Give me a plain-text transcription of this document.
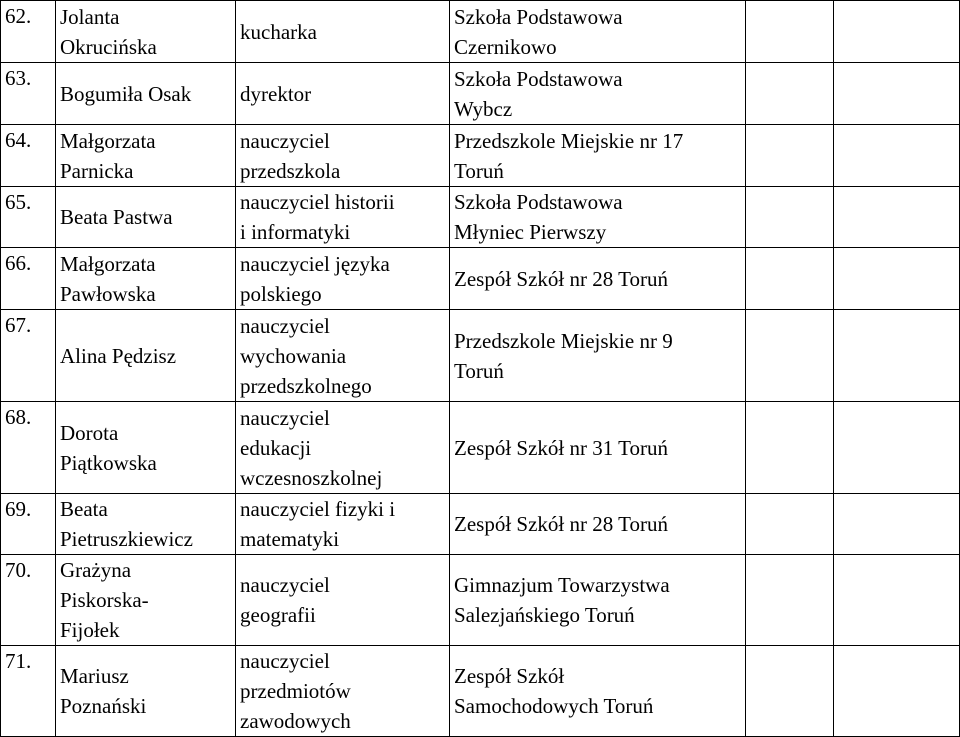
62.	Jolanta
Okrucińska	kucharka	Szkoła Podstawowa
Czernikowo		

63.	Bogumiła Osak	dyrektor	Szkoła Podstawowa
Wybcz		

64.	Małgorzata
Parnicka	nauczyciel
przedszkola	Przedszkole Miejskie nr 17
Toruń		

65.	Beata Pastwa	nauczyciel historii
i informatyki	Szkoła Podstawowa
Młyniec Pierwszy		

66.	Małgorzata
Pawłowska	nauczyciel języka
polskiego	Zespół Szkół nr 28 Toruń		

67.	Alina Pędzisz	nauczyciel
wychowania
przedszkolnego	Przedszkole Miejskie nr 9
Toruń		

68.	Dorota
Piątkowska	nauczyciel
edukacji
wczesnoszkolnej	Zespół Szkół nr 31 Toruń		

69.	Beata
Pietruszkiewicz	nauczyciel fizyki i
matematyki	Zespół Szkół nr 28 Toruń		

70.	Grażyna
Piskorska-
Fijołek	nauczyciel
geografii	Gimnazjum Towarzystwa
Salezjańskiego Toruń		

71.	Mariusz
Poznański	nauczyciel
przedmiotów
zawodowych	Zespół Szkół
Samochodowych Toruń		
